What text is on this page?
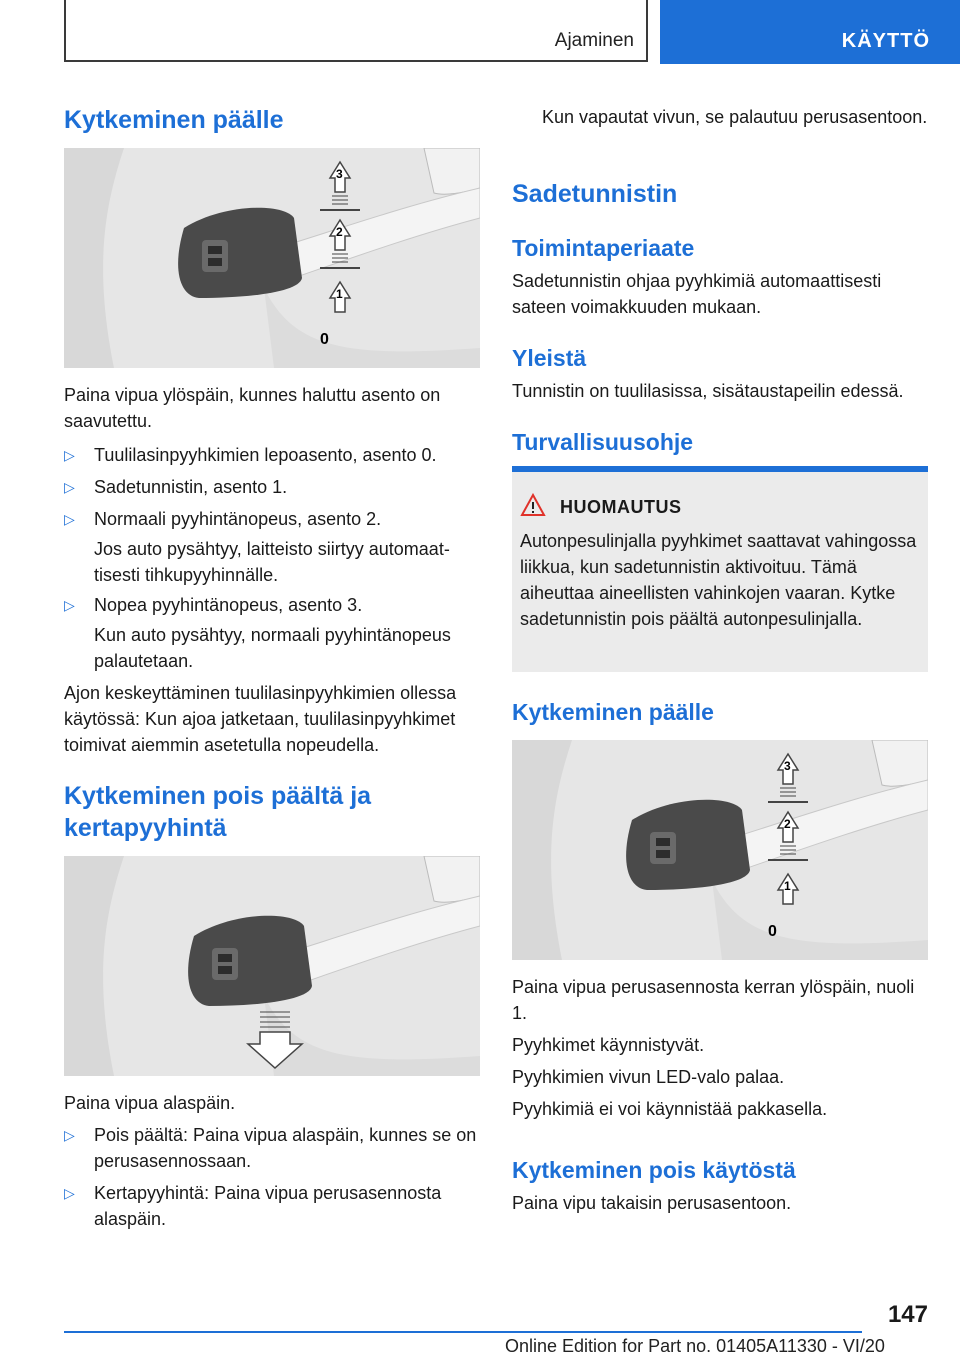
Ajaminen	KÄYTTÖ
Kytkeminen päälle
3
2
1
0

Paina vipua ylöspäin, kunnes haluttu asento on saavutettu.

▷ Tuulilasinpyyhkimien lepoasento, asento 0.
▷ Sadetunnistin, asento 1.
▷ Normaali pyyhintänopeus, asento 2.

Jos auto pysähtyy, laitteisto siirtyy automaattisesti tihkupyyhinnälle.

▷ Nopea pyyhintänopeus, asento 3.

Kun auto pysähtyy, normaali pyyhintänopeus palautetaan.

Ajon keskeyttäminen tuulilasinpyyhkimien ollessa käytössä: Kun ajoa jatketaan, tuulilasinpyyhkimet toimivat aiemmin asetetulla nopeudella.

Kytkeminen pois päältä ja kertapyyhintä

Paina vipua alaspäin.

▷ Pois päältä: Paina vipua alaspäin, kunnes se on perusasennossaan.
▷ Kertapyyhintä: Paina vipua perusasennosta alaspäin.

Kun vapautat vivun, se palautuu perusasentoon.

Sadetunnistin
Toimintaperiaate

Sadetunnistin ohjaa pyyhkimiä automaattisesti sateen voimakkuuden mukaan.

Yleistä

Tunnistin on tuulilasissa, sisätaustapeilin edessä.

Turvallisuusohje
HUOMAUTUS

Autonpesulinjalla pyyhkimet saattavat vahingossa liikkua, kun sadetunnistin aktivoituu. Tämä aiheuttaa aineellisten vahinkojen vaaran. Kytke sadetunnistin pois päältä autonpesulinjalla.

Kytkeminen päälle
3
2
1
0

Paina vipua perusasennosta kerran ylöspäin, nuoli 1.

Pyyhkimet käynnistyvät.

Pyyhkimien vivun LED-valo palaa.

Pyyhkimiä ei voi käynnistää pakkasella.

Kytkeminen pois käytöstä

Paina vipu takaisin perusasentoon.

147
Online Edition for Part no. 01405A11330 - VI/20
